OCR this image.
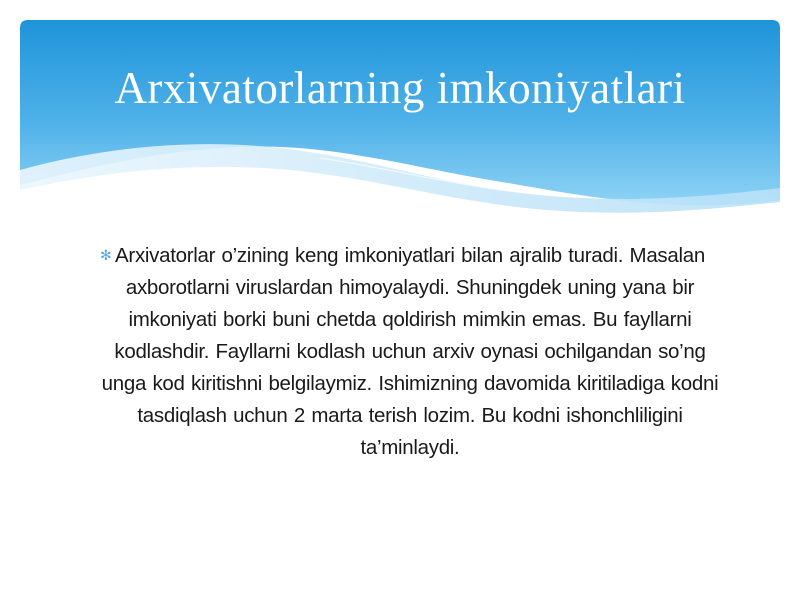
Arxivatorlarning imkoniyatlari
✻ Arxivatorlar o’zining keng imkoniyatlari bilan ajralib turadi. Masalan axborotlarni viruslardan himoyalaydi. Shuningdek uning yana bir imkoniyati borki buni chetda qoldirish mimkin emas. Bu fayllarni kodlashdir. Fayllarni kodlash uchun arxiv oynasi ochilgandan so’ng unga kod kiritishni belgilaymiz. Ishimizning davomida kiritiladiga kodni tasdiqlash uchun 2 marta terish lozim. Bu kodni ishonchliligini ta’minlaydi.
